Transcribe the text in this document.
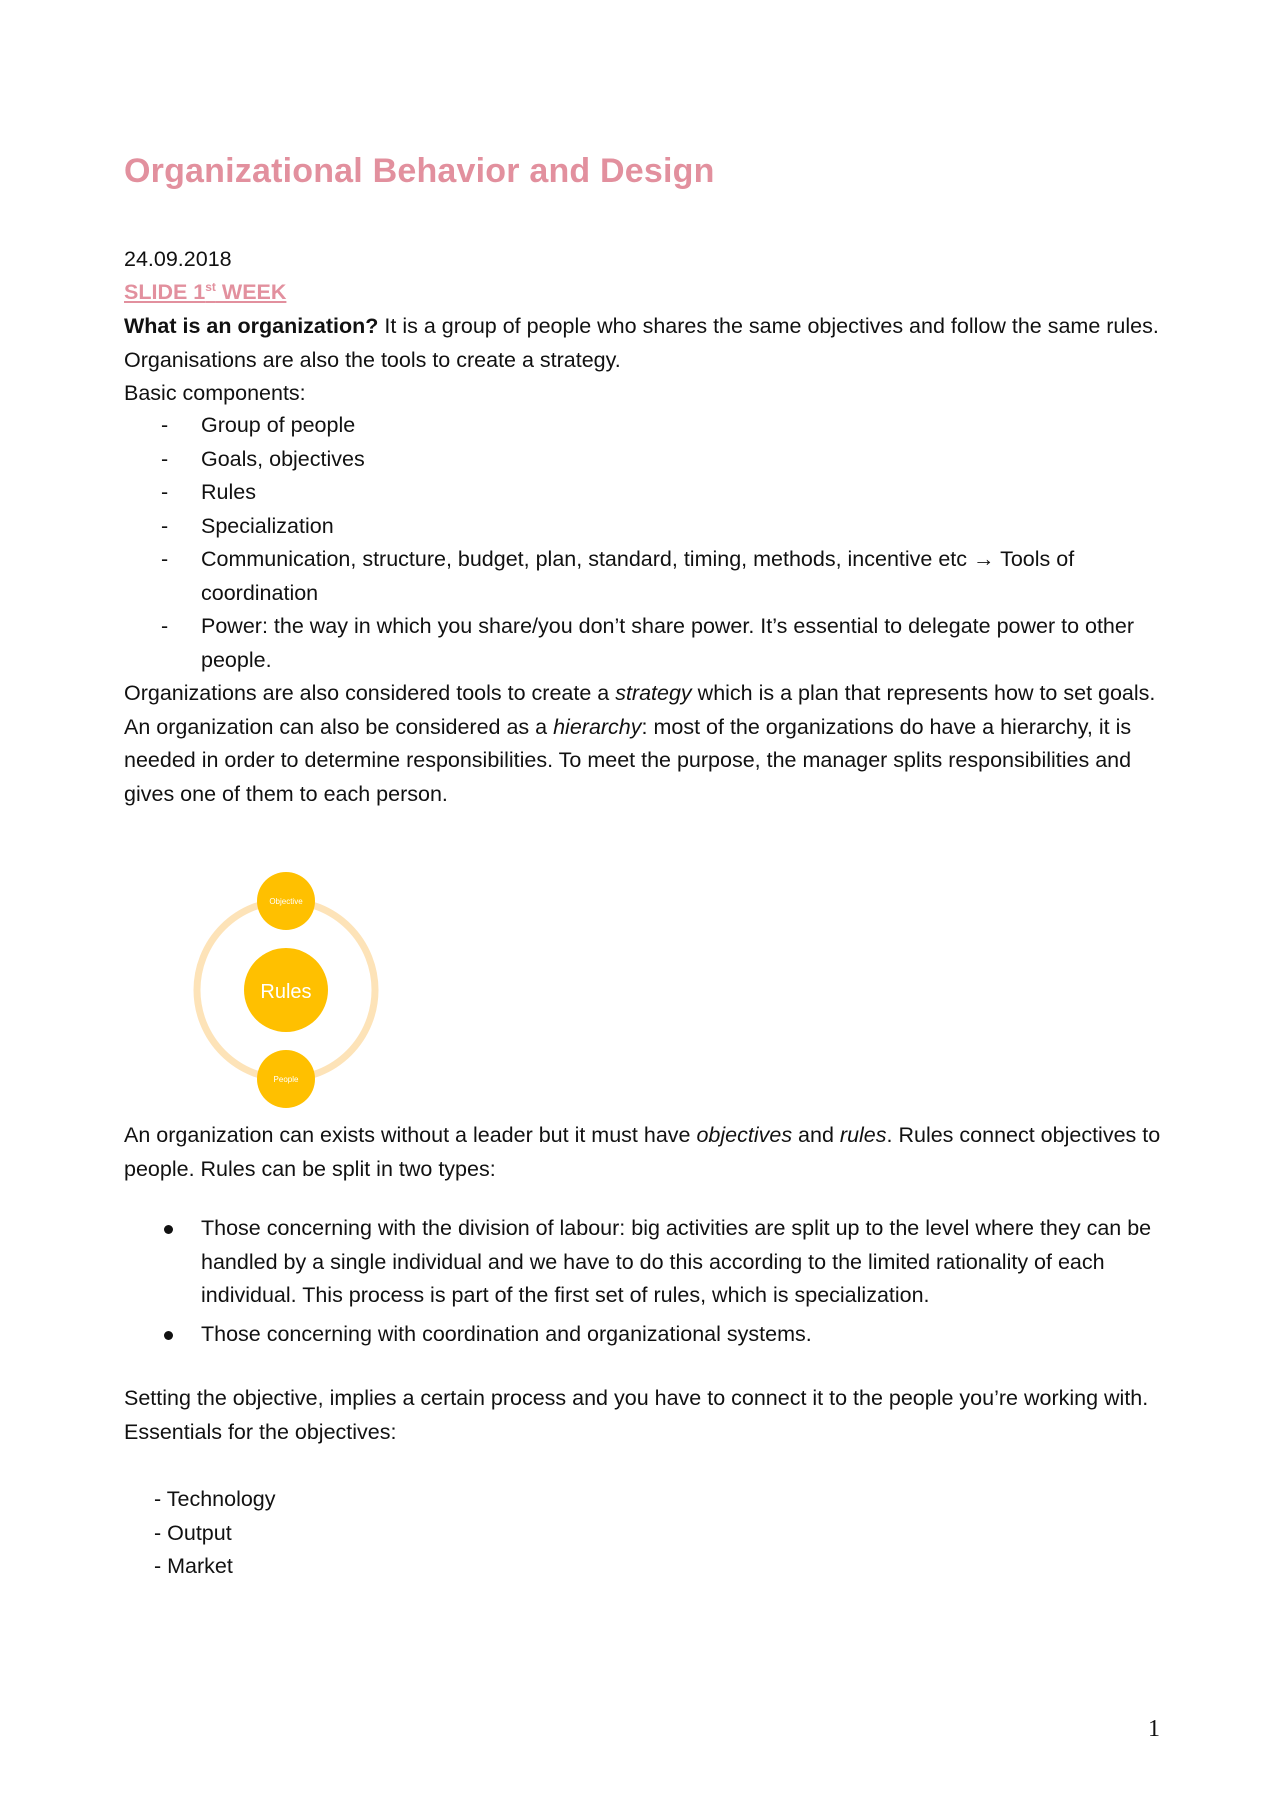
Organizational Behavior and Design
24.09.2018
SLIDE 1st WEEK
What is an organization? It is a group of people who shares the same objectives and follow the same rules.
Organisations are also the tools to create a strategy.
Basic components:
- Group of people
- Goals, objectives
- Rules
- Specialization
- Communication, structure, budget, plan, standard, timing, methods, incentive etc → Tools of coordination
- Power: the way in which you share/you don’t share power. It’s essential to delegate power to other people.
Organizations are also considered tools to create a strategy which is a plan that represents how to set goals. An organization can also be considered as a hierarchy: most of the organizations do have a hierarchy, it is needed in order to determine responsibilities. To meet the purpose, the manager splits responsibilities and gives one of them to each person.
Rules
Objective
People
An organization can exists without a leader but it must have objectives and rules. Rules connect objectives to people. Rules can be split in two types:
Those concerning with the division of labour: big activities are split up to the level where they can be handled by a single individual and we have to do this according to the limited rationality of each individual. This process is part of the first set of rules, which is specialization.
Those concerning with coordination and organizational systems.
Setting the objective, implies a certain process and you have to connect it to the people you’re working with.
Essentials for the objectives:
- Technology
- Output
- Market
1
